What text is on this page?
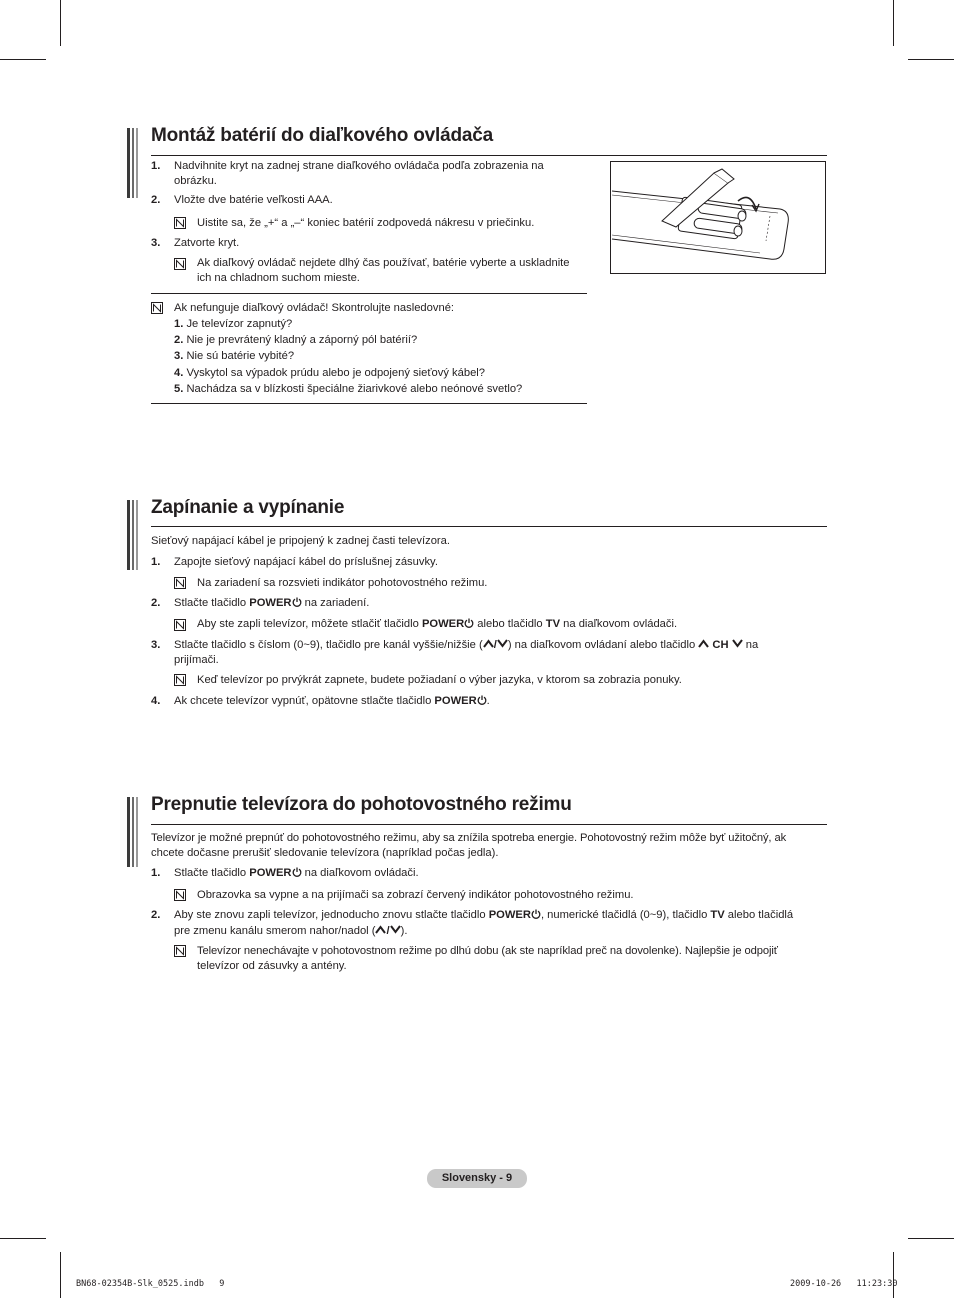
Montáž batérií do diaľkového ovládača
1. Nadvihnite kryt na zadnej strane diaľkového ovládača podľa zobrazenia na
obrázku.
2. Vložte dve batérie veľkosti AAA.
Uistite sa, že „+“ a „–“ koniec batérií zodpovedá nákresu v priečinku.
3. Zatvorte kryt.
Ak diaľkový ovládač nejdete dlhý čas používať, batérie vyberte a uskladnite
ich na chladnom suchom mieste.
Ak nefunguje diaľkový ovládač! Skontrolujte nasledovné:
1. Je televízor zapnutý?
2. Nie je prevrátený kladný a záporný pól batérií?
3. Nie sú batérie vybité?
4. Vyskytol sa výpadok prúdu alebo je odpojený sieťový kábel?
5. Nachádza sa v blízkosti špeciálne žiarivkové alebo neónové svetlo?
Zapínanie a vypínanie
Sieťový napájací kábel je pripojený k zadnej časti televízora.
1. Zapojte sieťový napájací kábel do príslušnej zásuvky.
Na zariadení sa rozsvieti indikátor pohotovostného režimu.
2. Stlačte tlačidlo POWER na zariadení.
Aby ste zapli televízor, môžete stlačiť tlačidlo POWER alebo tlačidlo TV na diaľkovom ovládači.
3. Stlačte tlačidlo s číslom (0~9), tlačidlo pre kanál vyššie/nižšie ( / ) na diaľkovom ovládaní alebo tlačidlo  CH  na
prijímači.
Keď televízor po prvýkrát zapnete, budete požiadaní o výber jazyka, v ktorom sa zobrazia ponuky.
4. Ak chcete televízor vypnúť, opätovne stlačte tlačidlo POWER .
Prepnutie televízora do pohotovostného režimu
Televízor je možné prepnúť do pohotovostného režimu, aby sa znížila spotreba energie. Pohotovostný režim môže byť užitočný, ak
chcete dočasne prerušiť sledovanie televízora (napríklad počas jedla).
1. Stlačte tlačidlo POWER na diaľkovom ovládači.
Obrazovka sa vypne a na prijímači sa zobrazí červený indikátor pohotovostného režimu.
2. Aby ste znovu zapli televízor, jednoducho znovu stlačte tlačidlo POWER , numerické tlačidlá (0~9), tlačidlo TV alebo tlačidlá
pre zmenu kanálu smerom nahor/nadol ( / ).
Televízor nenechávajte v pohotovostnom režime po dlhú dobu (ak ste napríklad preč na dovolenke). Najlepšie je odpojiť
televízor od zásuvky a antény.
Slovensky - 9
BN68-02354B-Slk_0525.indb   9	2009-10-26   11:23:30
